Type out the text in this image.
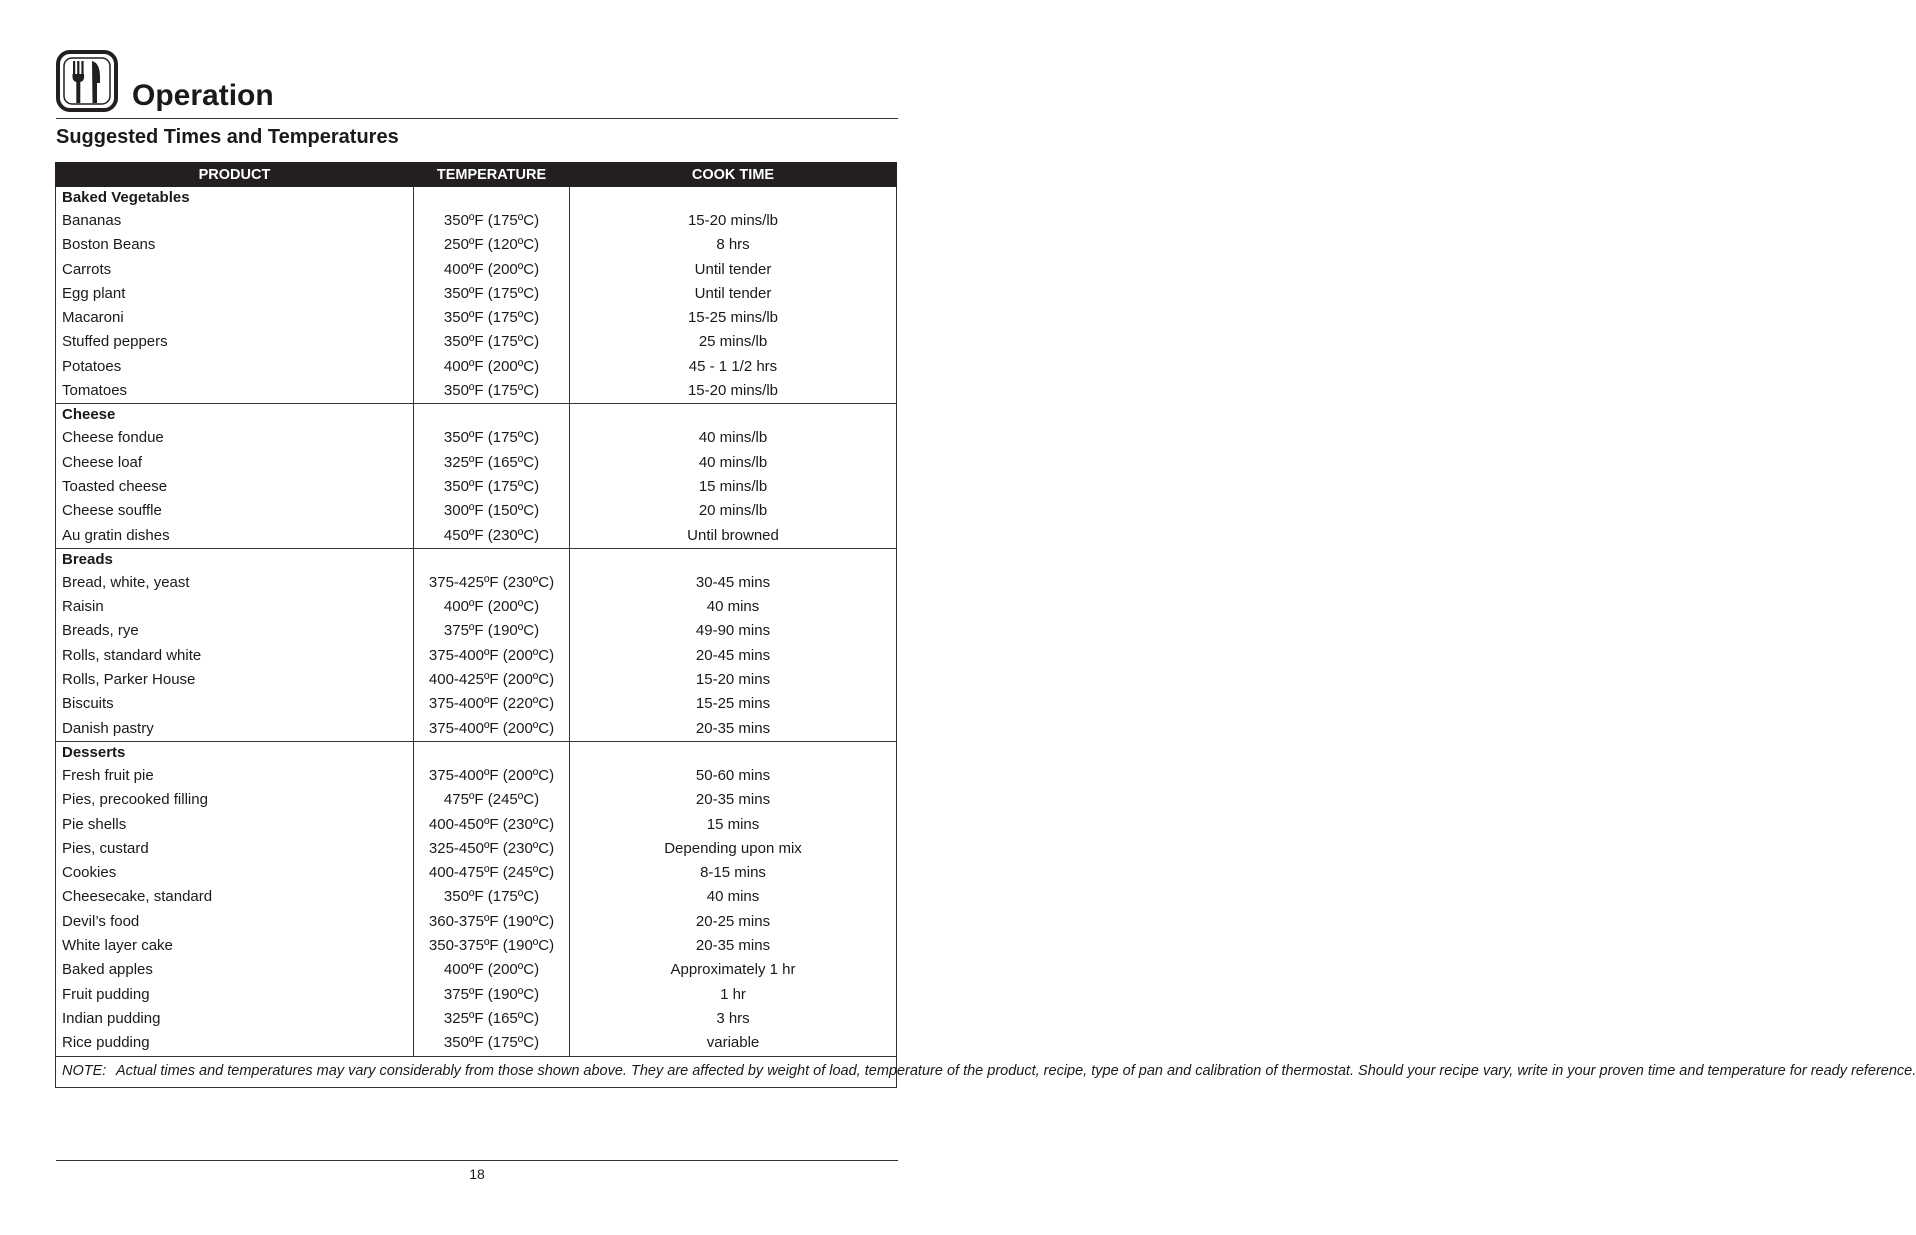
Operation
Suggested Times and Temperatures
PRODUCT	TEMPERATURE	COOK TIME
Baked Vegetables		
Bananas	350ºF (175ºC)	15-20 mins/lb
Boston Beans	250ºF (120ºC)	8 hrs
Carrots	400ºF (200ºC)	Until tender
Egg plant	350ºF (175ºC)	Until tender
Macaroni	350ºF (175ºC)	15-25 mins/lb
Stuffed peppers	350ºF (175ºC)	25 mins/lb
Potatoes	400ºF (200ºC)	45 - 1 1/2 hrs
Tomatoes	350ºF (175ºC)	15-20 mins/lb
Cheese		
Cheese fondue	350ºF (175ºC)	40 mins/lb
Cheese loaf	325ºF (165ºC)	40 mins/lb
Toasted cheese	350ºF (175ºC)	15 mins/lb
Cheese souffle	300ºF (150ºC)	20 mins/lb
Au gratin dishes	450ºF (230ºC)	Until browned
Breads		
Bread, white, yeast	375-425ºF (230ºC)	30-45 mins
Raisin	400ºF (200ºC)	40 mins
Breads, rye	375ºF (190ºC)	49-90 mins
Rolls, standard white	375-400ºF (200ºC)	20-45 mins
Rolls, Parker House	400-425ºF (200ºC)	15-20 mins
Biscuits	375-400ºF (220ºC)	15-25 mins
Danish pastry	375-400ºF (200ºC)	20-35 mins
Desserts		
Fresh fruit pie	375-400ºF (200ºC)	50-60 mins
Pies, precooked filling	475ºF (245ºC)	20-35 mins
Pie shells	400-450ºF (230ºC)	15 mins
Pies, custard	325-450ºF (230ºC)	Depending upon mix
Cookies	400-475ºF (245ºC)	8-15 mins
Cheesecake, standard	350ºF (175ºC)	40 mins
Devil’s food	360-375ºF (190ºC)	20-25 mins
White layer cake	350-375ºF (190ºC)	20-35 mins
Baked apples	400ºF (200ºC)	Approximately 1 hr
Fruit pudding	375ºF (190ºC)	1 hr
Indian pudding	325ºF (165ºC)	3 hrs
Rice pudding	350ºF (175ºC)	variable

NOTE: Actual times and temperatures may vary considerably from those shown above. They are affected by weight of load, temperature of the product, recipe, type of pan and calibration of thermostat. Should your recipe vary, write in your proven time and temperature for ready reference.		
18
